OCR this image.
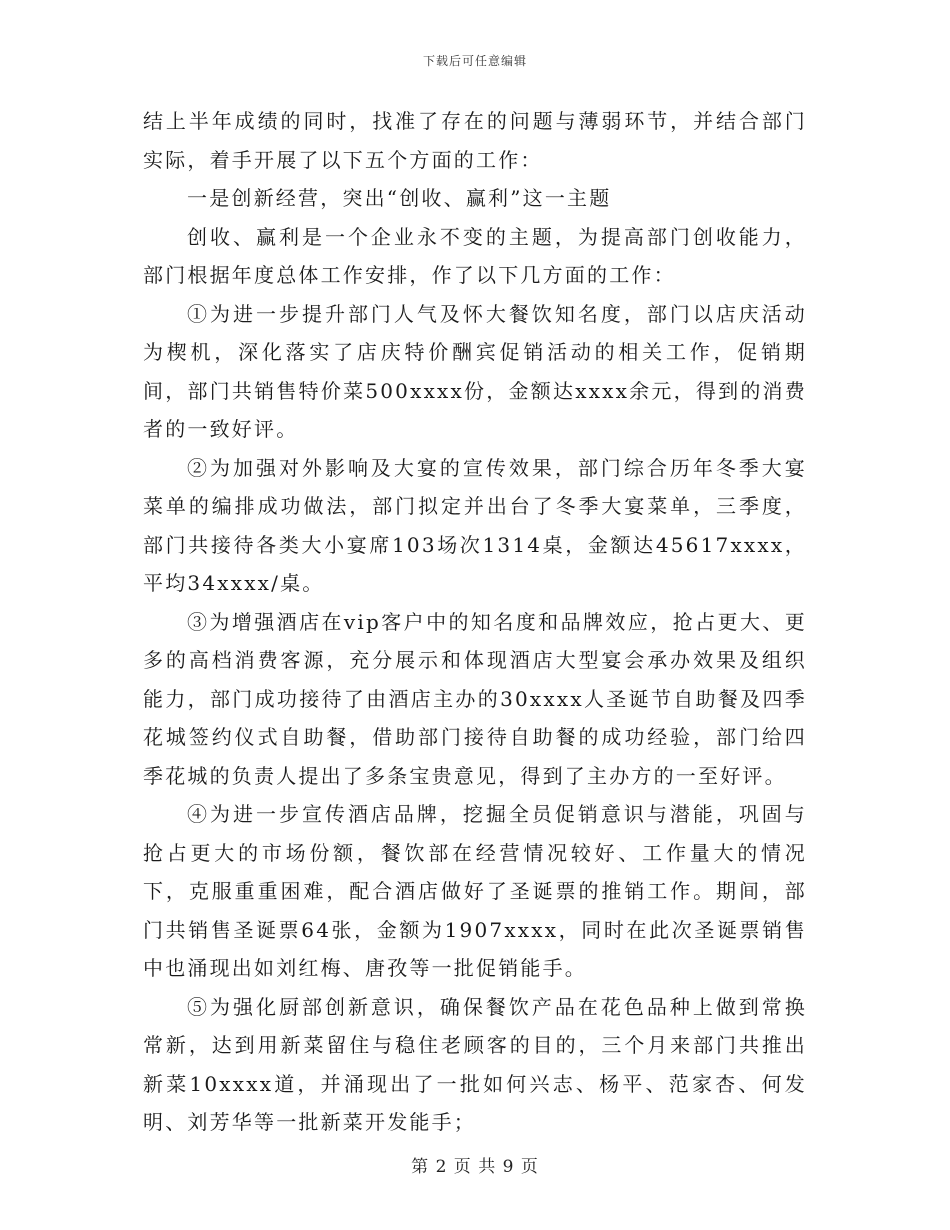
下载后可任意编辑

结上半年成绩的同时，找准了存在的问题与薄弱环节，并结合部门实际，着手开展了以下五个方面的工作：

一是创新经营，突出“创收、赢利”这一主题

创收、赢利是一个企业永不变的主题，为提高部门创收能力，部门根据年度总体工作安排，作了以下几方面的工作：

①为进一步提升部门人气及怀大餐饮知名度，部门以店庆活动为楔机，深化落实了店庆特价酬宾促销活动的相关工作，促销期间，部门共销售特价菜500xxxx份，金额达xxxx余元，得到的消费者的一致好评。

②为加强对外影响及大宴的宣传效果，部门综合历年冬季大宴菜单的编排成功做法，部门拟定并出台了冬季大宴菜单，三季度，部门共接待各类大小宴席103场次1314桌，金额达45617xxxx，平均34xxxx/桌。

③为增强酒店在vip客户中的知名度和品牌效应，抢占更大、更多的高档消费客源，充分展示和体现酒店大型宴会承办效果及组织能力，部门成功接待了由酒店主办的30xxxx人圣诞节自助餐及四季花城签约仪式自助餐，借助部门接待自助餐的成功经验，部门给四季花城的负责人提出了多条宝贵意见，得到了主办方的一至好评。

④为进一步宣传酒店品牌，挖掘全员促销意识与潜能，巩固与抢占更大的市场份额，餐饮部在经营情况较好、工作量大的情况下，克服重重困难，配合酒店做好了圣诞票的推销工作。期间，部门共销售圣诞票64张，金额为1907xxxx，同时在此次圣诞票销售中也涌现出如刘红梅、唐孜等一批促销能手。

⑤为强化厨部创新意识，确保餐饮产品在花色品种上做到常换常新，达到用新菜留住与稳住老顾客的目的，三个月来部门共推出新菜10xxxx道，并涌现出了一批如何兴志、杨平、范家杏、何发明、刘芳华等一批新菜开发能手；

第 2 页 共 9 页
